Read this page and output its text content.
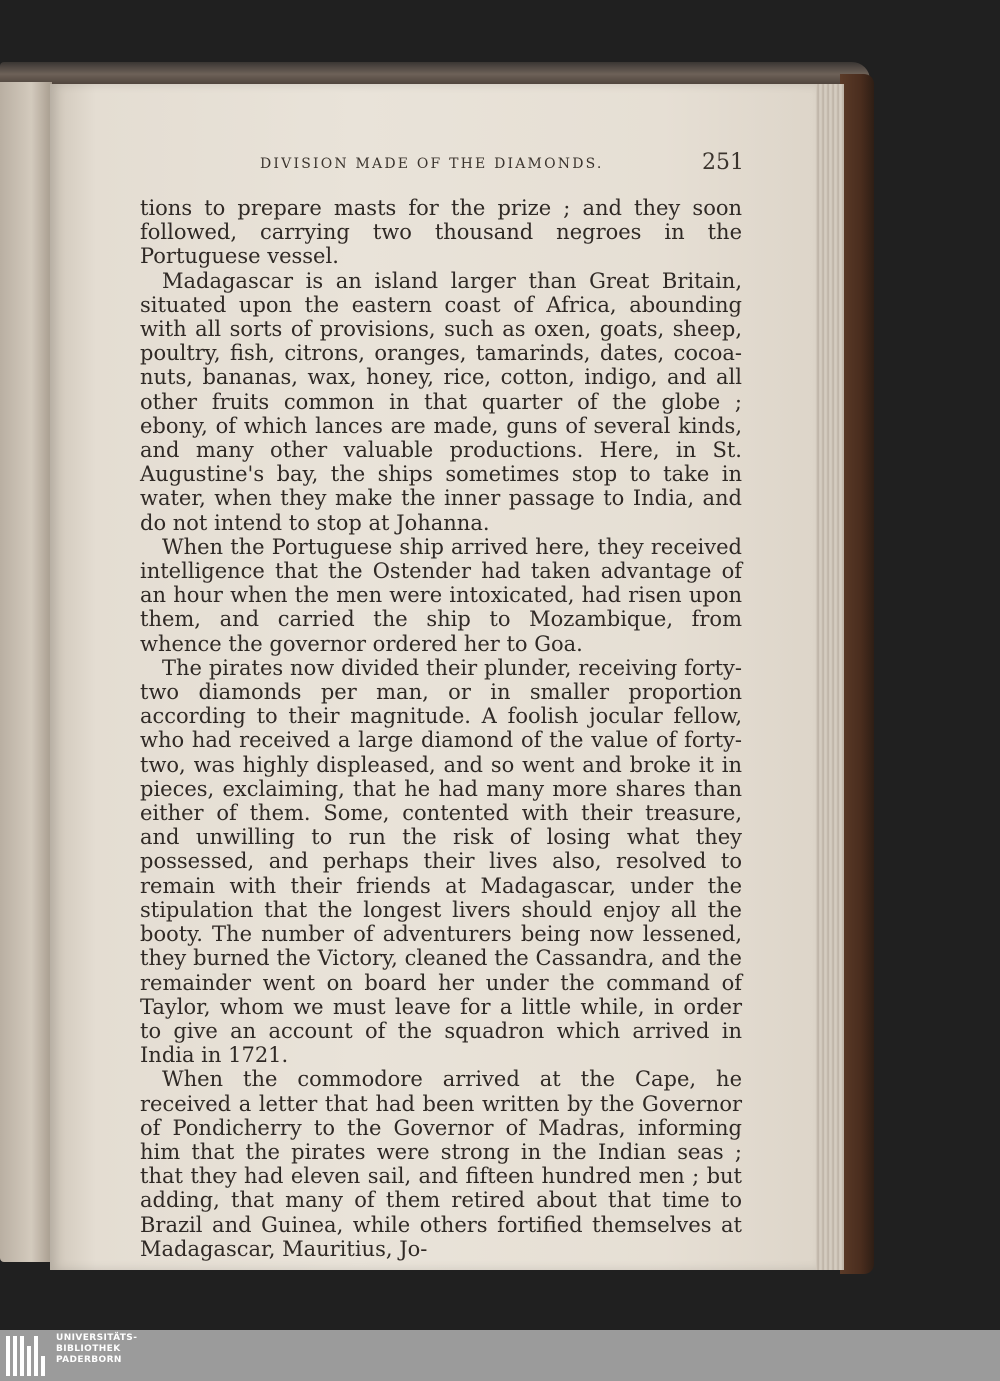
DIVISION MADE OF THE DIAMONDS.	251

tions to prepare masts for the prize ; and they soon followed, carrying two thousand negroes in the Portuguese vessel.

Madagascar is an island larger than Great Britain, situated upon the eastern coast of Africa, abounding with all sorts of provisions, such as oxen, goats, sheep, poultry, fish, citrons, oranges, tamarinds, dates, cocoa-nuts, bananas, wax, honey, rice, cotton, indigo, and all other fruits common in that quarter of the globe ; ebony, of which lances are made, guns of several kinds, and many other valuable productions. Here, in St. Augustine's bay, the ships sometimes stop to take in water, when they make the inner passage to India, and do not intend to stop at Johanna.

When the Portuguese ship arrived here, they received intelligence that the Ostender had taken advantage of an hour when the men were intoxicated, had risen upon them, and carried the ship to Mozambique, from whence the governor ordered her to Goa.

The pirates now divided their plunder, receiving forty-two diamonds per man, or in smaller proportion according to their magnitude. A foolish jocular fellow, who had received a large diamond of the value of forty-two, was highly displeased, and so went and broke it in pieces, exclaiming, that he had many more shares than either of them. Some, contented with their treasure, and unwilling to run the risk of losing what they possessed, and perhaps their lives also, resolved to remain with their friends at Madagascar, under the stipulation that the longest livers should enjoy all the booty. The number of adventurers being now lessened, they burned the Victory, cleaned the Cassandra, and the remainder went on board her under the command of Taylor, whom we must leave for a little while, in order to give an account of the squadron which arrived in India in 1721.

When the commodore arrived at the Cape, he received a letter that had been written by the Governor of Pondicherry to the Governor of Madras, informing him that the pirates were strong in the Indian seas ; that they had eleven sail, and fifteen hundred men ; but adding, that many of them retired about that time to Brazil and Guinea, while others fortified themselves at Madagascar, Mauritius, Jo-

UNIVERSITÄTS-
BIBLIOTHEK
PADERBORN
